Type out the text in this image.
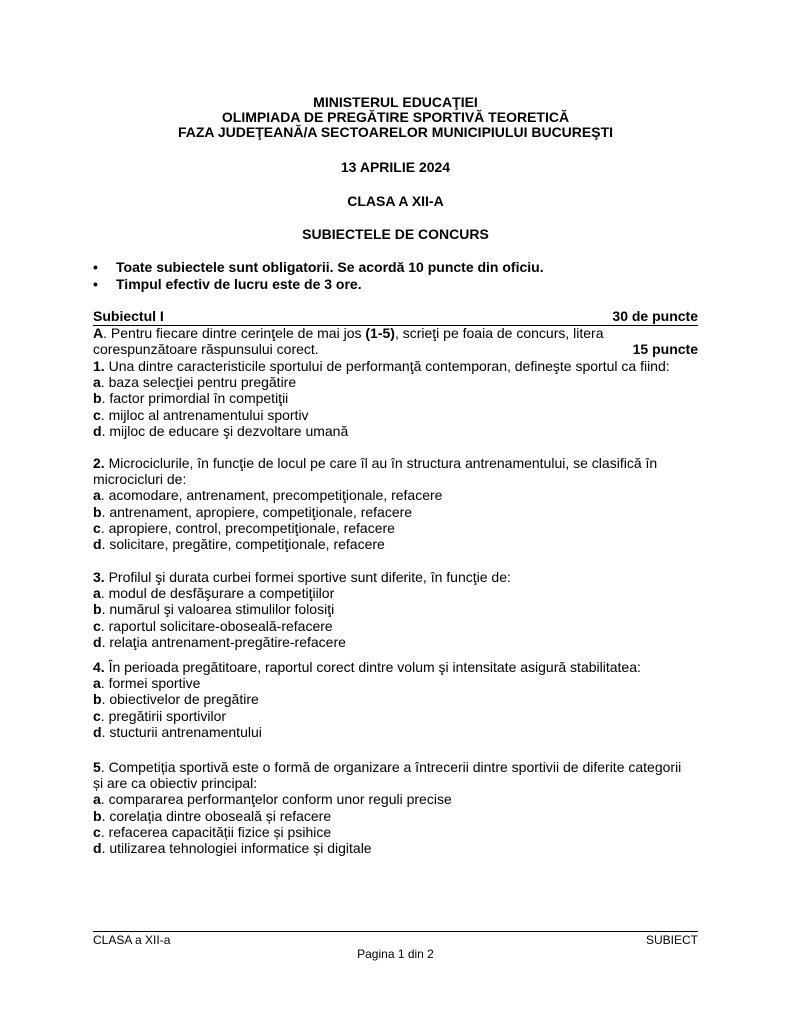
MINISTERUL EDUCAŢIEI
OLIMPIADA DE PREGĂTIRE SPORTIVĂ TEORETICĂ
FAZA JUDEŢEANĂ/A SECTOARELOR MUNICIPIULUI BUCUREŞTI
13 APRILIE 2024
CLASA A XII-A
SUBIECTELE DE CONCURS
•	Toate subiectele sunt obligatorii. Se acordă 10 puncte din oficiu.
•	Timpul efectiv de lucru este de 3 ore.
Subiectul I	30 de puncte
A. Pentru fiecare dintre cerinţele de mai jos (1-5), scrieţi pe foaia de concurs, litera
corespunzătoare răspunsului corect.	15 puncte
1. Una dintre caracteristicile sportului de performanţă contemporan, defineşte sportul ca fiind:
a. baza selecţiei pentru pregătire
b. factor primordial în competiţii
c. mijloc al antrenamentului sportiv
d. mijloc de educare şi dezvoltare umană
2. Microciclurile, în funcţie de locul pe care îl au în structura antrenamentului, se clasifică în
microcicluri de:
a. acomodare, antrenament, precompetiţionale, refacere
b. antrenament, apropiere, competiţionale, refacere
c. apropiere, control, precompetiţionale, refacere
d. solicitare, pregătire, competiţionale, refacere
3. Profilul şi durata curbei formei sportive sunt diferite, în funcţie de:
a. modul de desfăşurare a competiţiilor
b. numărul şi valoarea stimulilor folosiţi
c. raportul solicitare-oboseală-refacere
d. relaţia antrenament-pregătire-refacere
4. În perioada pregătitoare, raportul corect dintre volum şi intensitate asigură stabilitatea:
a. formei sportive
b. obiectivelor de pregătire
c. pregătirii sportivilor
d. stucturii antrenamentului
5. Competiția sportivă este o formă de organizare a întrecerii dintre sportivii de diferite categorii
și are ca obiectiv principal:
a. compararea performanţelor conform unor reguli precise
b. corelația dintre oboseală și refacere
c. refacerea capacității fizice și psihice
d. utilizarea tehnologiei informatice și digitale
CLASA a XII-a	SUBIECT
Pagina 1 din 2
